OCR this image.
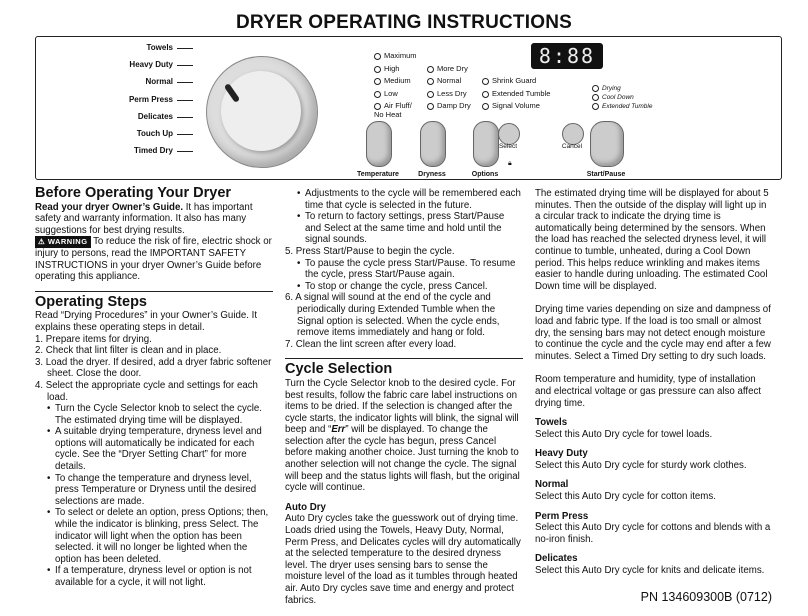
DRYER OPERATING INSTRUCTIONS
Towels
Heavy Duty
Normal
Perm Press
Delicates
Touch Up
Timed Dry
Maximum
High
Medium
Low
Air Fluff/ No Heat
More Dry
Normal
Less Dry
Damp Dry
Shrink Guard
Extended Tumble
Signal Volume
8:88
Drying
Cool Down
Extended Tumble
Temperature	Dryness	Options
Select
🔒︎
Cancel
Start/Pause
Before Operating Your Dryer

Read your dryer Owner’s Guide. It has important safety and warranty information. It also has many suggestions for best drying results.

⚠ WARNING To reduce the risk of fire, electric shock or injury to persons, read the IMPORTANT SAFETY INSTRUCTIONS in your dryer Owner’s Guide before operating this appliance.

Operating Steps

Read “Drying Procedures” in your Owner’s Guide. It explains these operating steps in detail.

1. Prepare items for drying.
2. Check that lint filter is clean and in place.
3. Load the dryer. If desired, add a dryer fabric softener sheet. Close the door.
4. Select the appropriate cycle and settings for each load.
• Turn the Cycle Selector knob to select the cycle. The estimated drying time will be displayed.
• A suitable drying temperature, dryness level and options will automatically be indicated for each cycle. See the “Dryer Setting Chart” for more details.
• To change the temperature and dryness level, press Temperature or Dryness until the desired selections are made.
• To select or delete an option, press Options; then, while the indicator is blinking, press Select. The indicator will light when the option has been selected. it will no longer be lighted when the option has been deleted.
• If a temperature, dryness level or option is not available for a cycle, it will not light.
• Adjustments to the cycle will be remembered each time that cycle is selected in the future.
• To return to factory settings, press Start/Pause and Select at the same time and hold until the signal sounds.
5. Press Start/Pause to begin the cycle.
• To pause the cycle press Start/Pause. To resume the cycle, press Start/Pause again.
• To stop or change the cycle, press Cancel.
6. A signal will sound at the end of the cycle and periodically during Extended Tumble when the Signal option is selected. When the cycle ends, remove items immediately and hang or fold.
7. Clean the lint screen after every load.
Cycle Selection

Turn the Cycle Selector knob to the desired cycle. For best results, follow the fabric care label instructions on items to be dried. If the selection is changed after the cycle starts, the indicator lights will blink, the signal will beep and “Err” will be displayed. To change the selection after the cycle has begun, press Cancel before making another choice. Just turning the knob to another selection will not change the cycle. The signal will beep and the status lights will flash, but the original cycle will continue.

Auto Dry

Auto Dry cycles take the guesswork out of drying time. Loads dried using the Towels, Heavy Duty, Normal, Perm Press, and Delicates cycles will dry automatically at the selected temperature to the desired dryness level. The dryer uses sensing bars to sense the moisture level of the load as it tumbles through heated air. Auto Dry cycles save time and energy and protect fabrics.

The estimated drying time will be displayed for about 5 minutes. Then the outside of the display will light up in a circular track to indicate the drying time is automatically being determined by the sensors. When the load has reached the selected dryness level, it will continue to tumble, unheated, during a Cool Down period. This helps reduce wrinkling and makes items easier to handle during unloading. The estimated Cool Down time will be displayed.

Drying time varies depending on size and dampness of load and fabric type. If the load is too small or almost dry, the sensing bars may not detect enough moisture to continue the cycle and the cycle may end after a few minutes. Select a Timed Dry setting to dry such loads.

Room temperature and humidity, type of installation and electrical voltage or gas pressure can also affect drying time.

Towels

Select this Auto Dry cycle for towel loads.

Heavy Duty

Select this Auto Dry cycle for sturdy work clothes.

Normal

Select this Auto Dry cycle for cotton items.

Perm Press

Select this Auto Dry cycle for cottons and blends with a no-iron finish.

Delicates

Select this Auto Dry cycle for knits and delicate items.

PN 134609300B (0712)
